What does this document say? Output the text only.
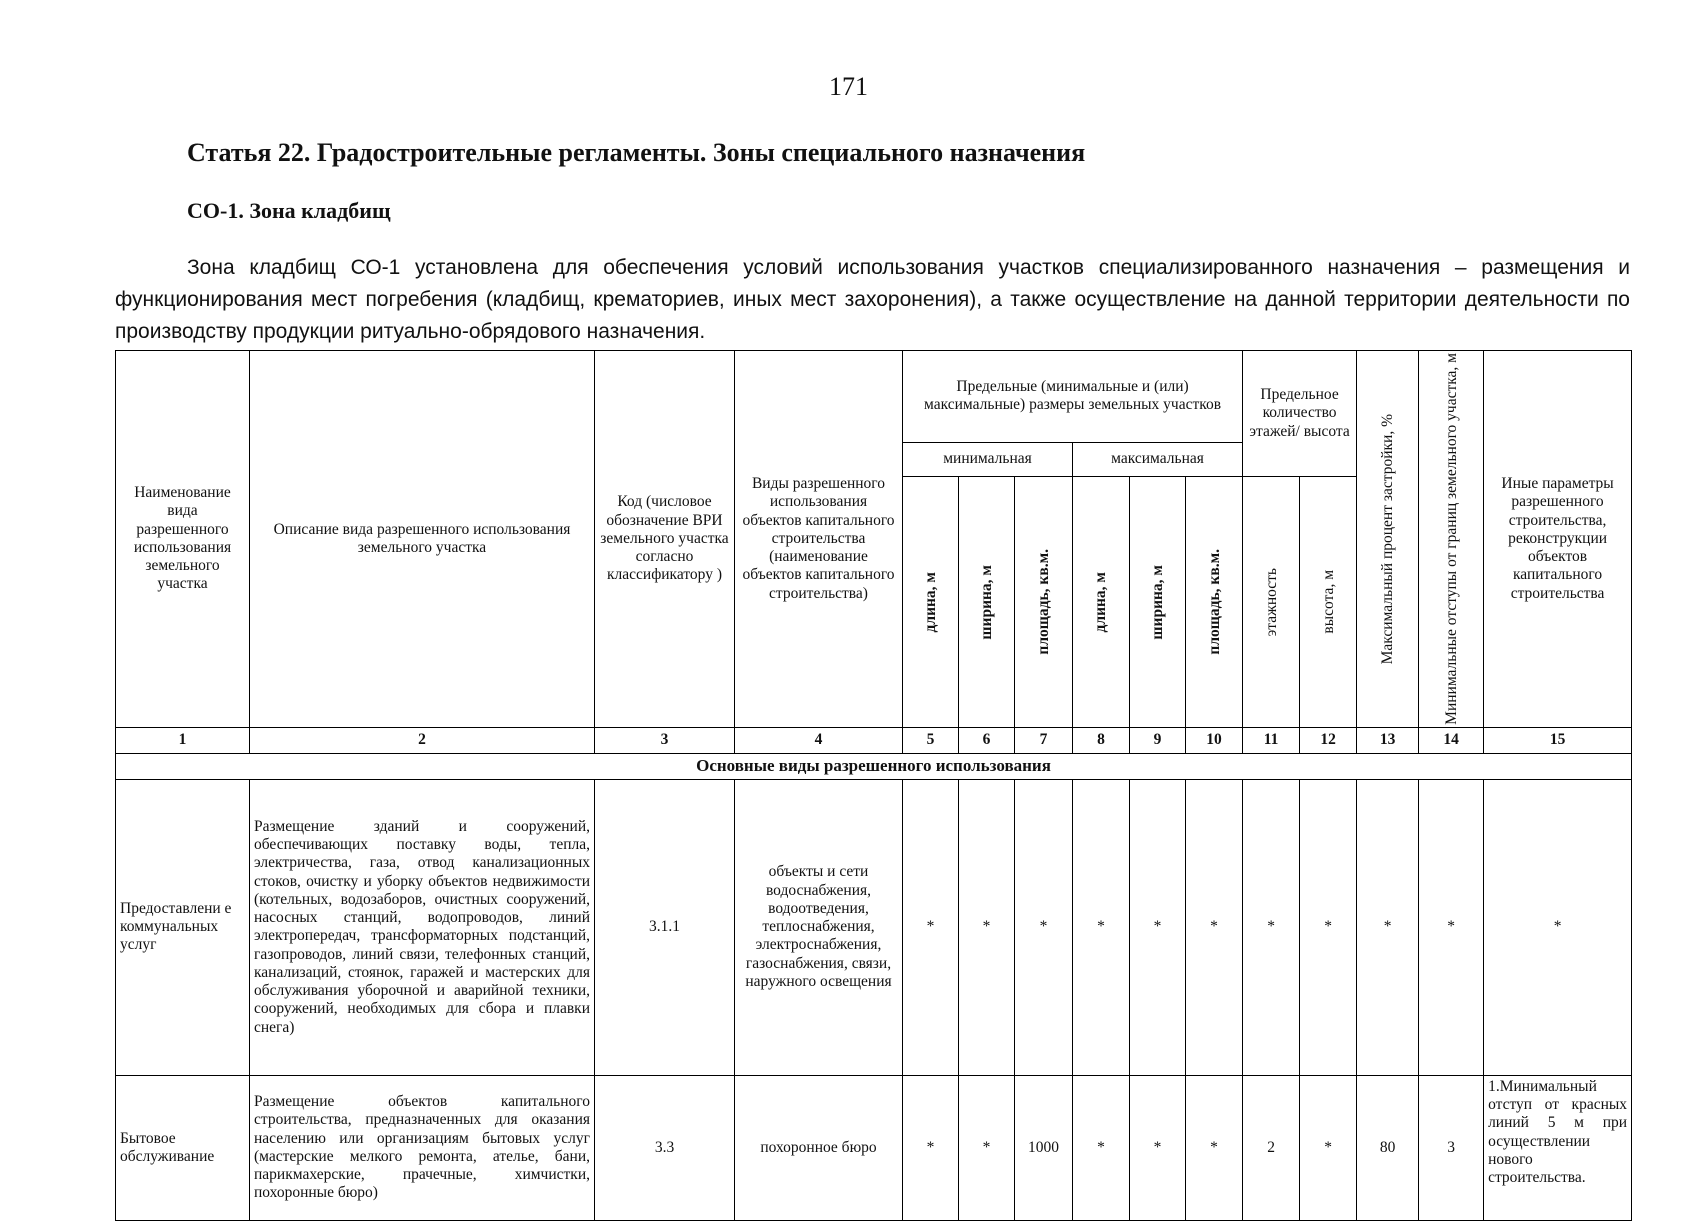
171
Статья 22. Градостроительные регламенты. Зоны специального назначения
СО-1. Зона кладбищ

Зона кладбищ СО-1 установлена для обеспечения условий использования участков специализированного назначения – размещения и функционирования мест погребения (кладбищ, крематориев, иных мест захоронения), а также осуществление на данной территории деятельности по производству продукции ритуально-обрядового назначения.

Наименование вида разрешенного использования земельного участка	Описание вида разрешенного использования земельного участка	Код (числовое обозначение ВРИ земельного участка согласно классификатору )	Виды разрешенного использования объектов капитального строительства (наименование объектов капитального строительства)	Предельные (минимальные и (или) максимальные) размеры земельных участков						Предельное количество этажей/ высота		Максимальный процент застройки, %	Минимальные отступы от границ земельного участка, м	Иные параметры разрешенного строительства, реконструкции объектов капитального строительства
				минимальная			максимальная							

				длина, м	ширина, м	площадь, кв.м.	длина, м	ширина, м	площадь, кв.м.	этажность	высота, м			

1	2	3	4	5	6	7	8	9	10	11	12	13	14	15
Основные виды разрешенного использования														
Предоставлени е коммунальных услуг	Размещение зданий и сооружений, обеспечивающих поставку воды, тепла, электричества, газа, отвод канализационных стоков, очистку и уборку объектов недвижимости (котельных, водозаборов, очистных сооружений, насосных станций, водопроводов, линий электропередач, трансформаторных подстанций, газопроводов, линий связи, телефонных станций, канализаций, стоянок, гаражей и мастерских для обслуживания уборочной и аварийной техники, сооружений, необходимых для сбора и плавки снега)	3.1.1	объекты и сети водоснабжения, водоотведения, теплоснабжения, электроснабжения, газоснабжения, связи, наружного освещения	*	*	*	*	*	*	*	*	*	*	*
Бытовое обслуживание	Размещение объектов капитального строительства, предназначенных для оказания населению или организациям бытовых услуг (мастерские мелкого ремонта, ателье, бани, парикмахерские, прачечные, химчистки, похоронные бюро)	3.3	похоронное бюро	*	*	1000	*	*	*	2	*	80	3	1.Минимальный отступ от красных линий 5 м при осуществлении нового строительства.
